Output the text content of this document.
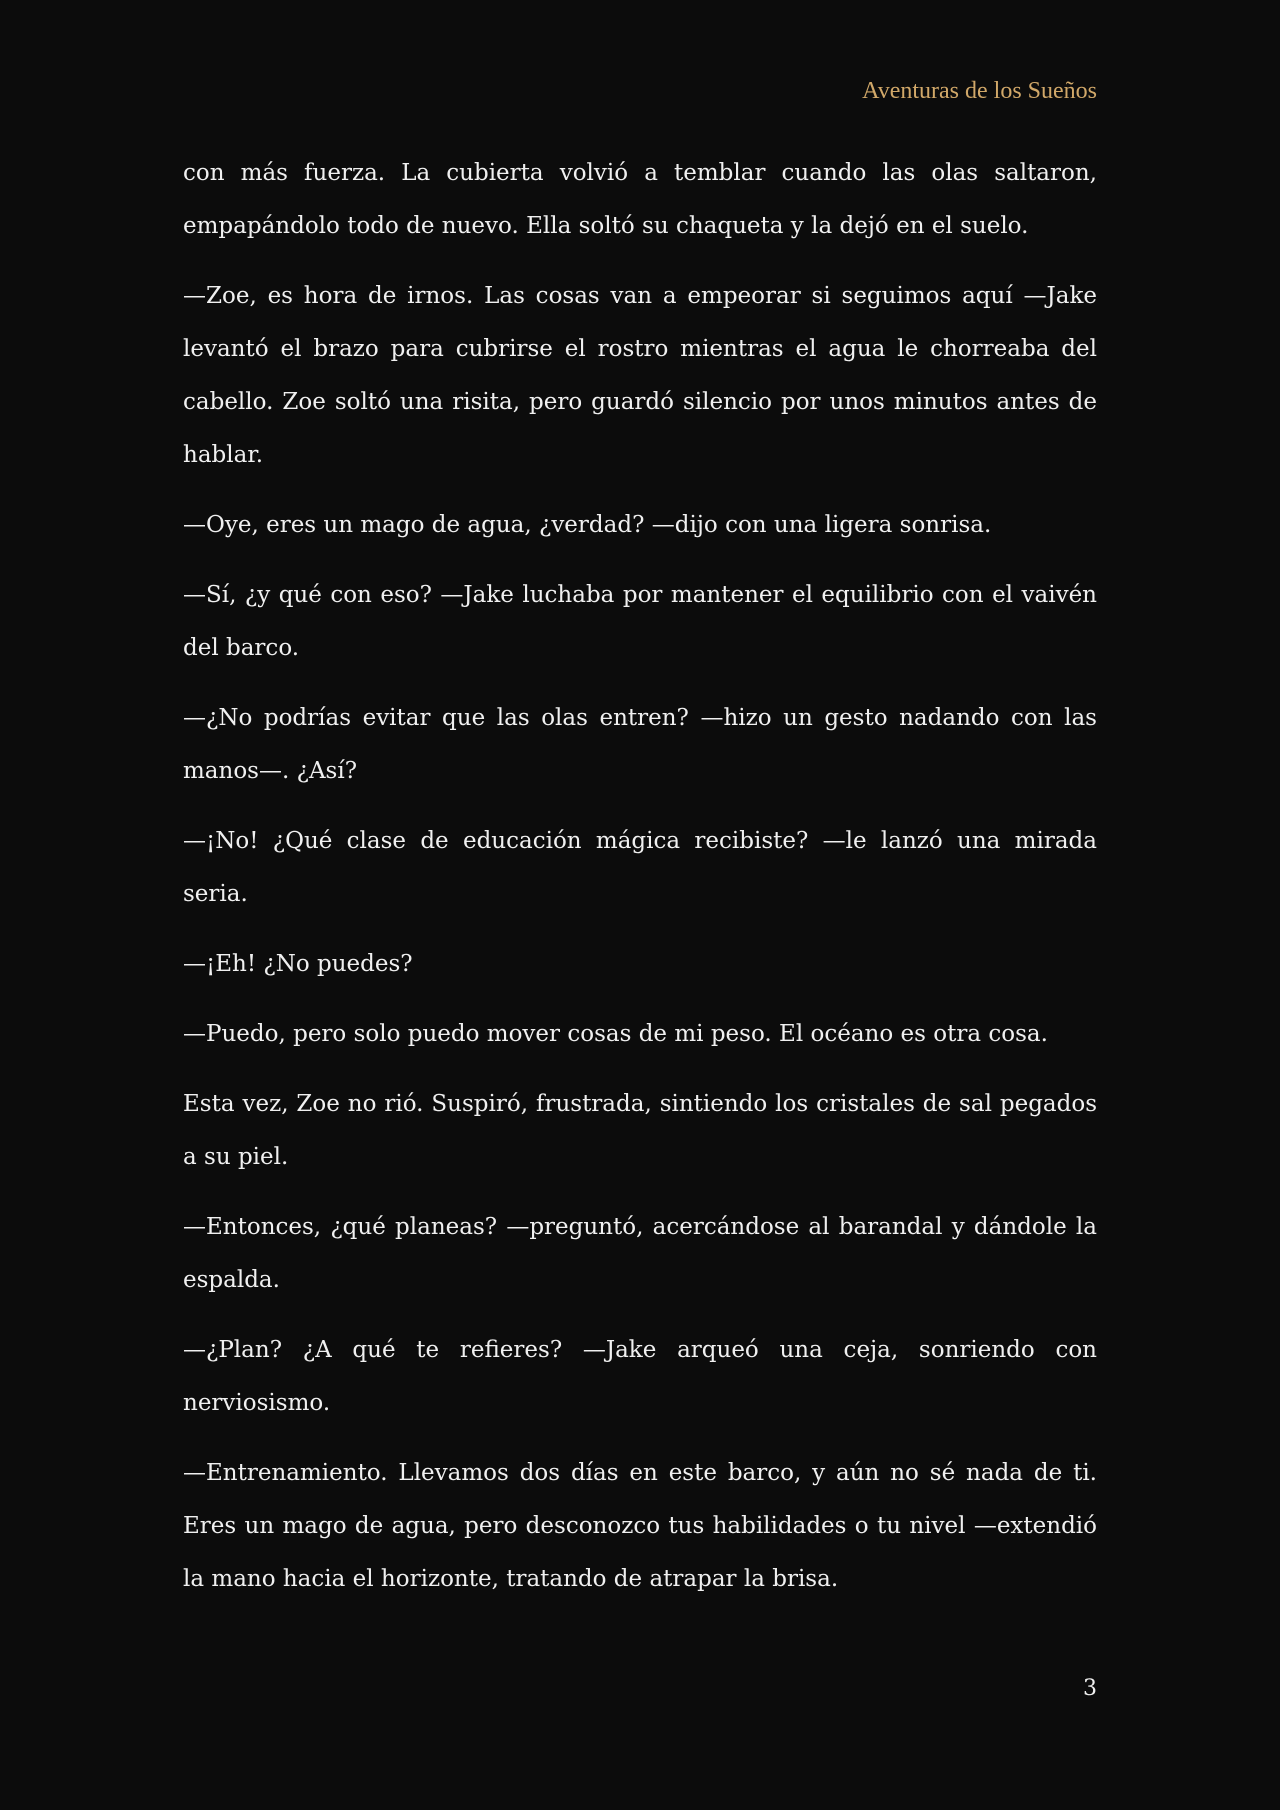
Aventuras de los Sueños

con más fuerza. La cubierta volvió a temblar cuando las olas saltaron, empapándolo todo de nuevo. Ella soltó su chaqueta y la dejó en el suelo.

—Zoe, es hora de irnos. Las cosas van a empeorar si seguimos aquí —Jake levantó el brazo para cubrirse el rostro mientras el agua le chorreaba del cabello. Zoe soltó una risita, pero guardó silencio por unos minutos antes de hablar.

—Oye, eres un mago de agua, ¿verdad? —dijo con una ligera sonrisa.

—Sí, ¿y qué con eso? —Jake luchaba por mantener el equilibrio con el vaivén del barco.

—¿No podrías evitar que las olas entren? —hizo un gesto nadando con las manos—. ¿Así?

—¡No! ¿Qué clase de educación mágica recibiste? —le lanzó una mirada seria.

—¡Eh! ¿No puedes?

—Puedo, pero solo puedo mover cosas de mi peso. El océano es otra cosa.

Esta vez, Zoe no rió. Suspiró, frustrada, sintiendo los cristales de sal pegados a su piel.

—Entonces, ¿qué planeas? —preguntó, acercándose al barandal y dándole la espalda.

—¿Plan? ¿A qué te refieres? —Jake arqueó una ceja, sonriendo con nerviosismo.

—Entrenamiento. Llevamos dos días en este barco, y aún no sé nada de ti. Eres un mago de agua, pero desconozco tus habilidades o tu nivel —extendió la mano hacia el horizonte, tratando de atrapar la brisa.

3
